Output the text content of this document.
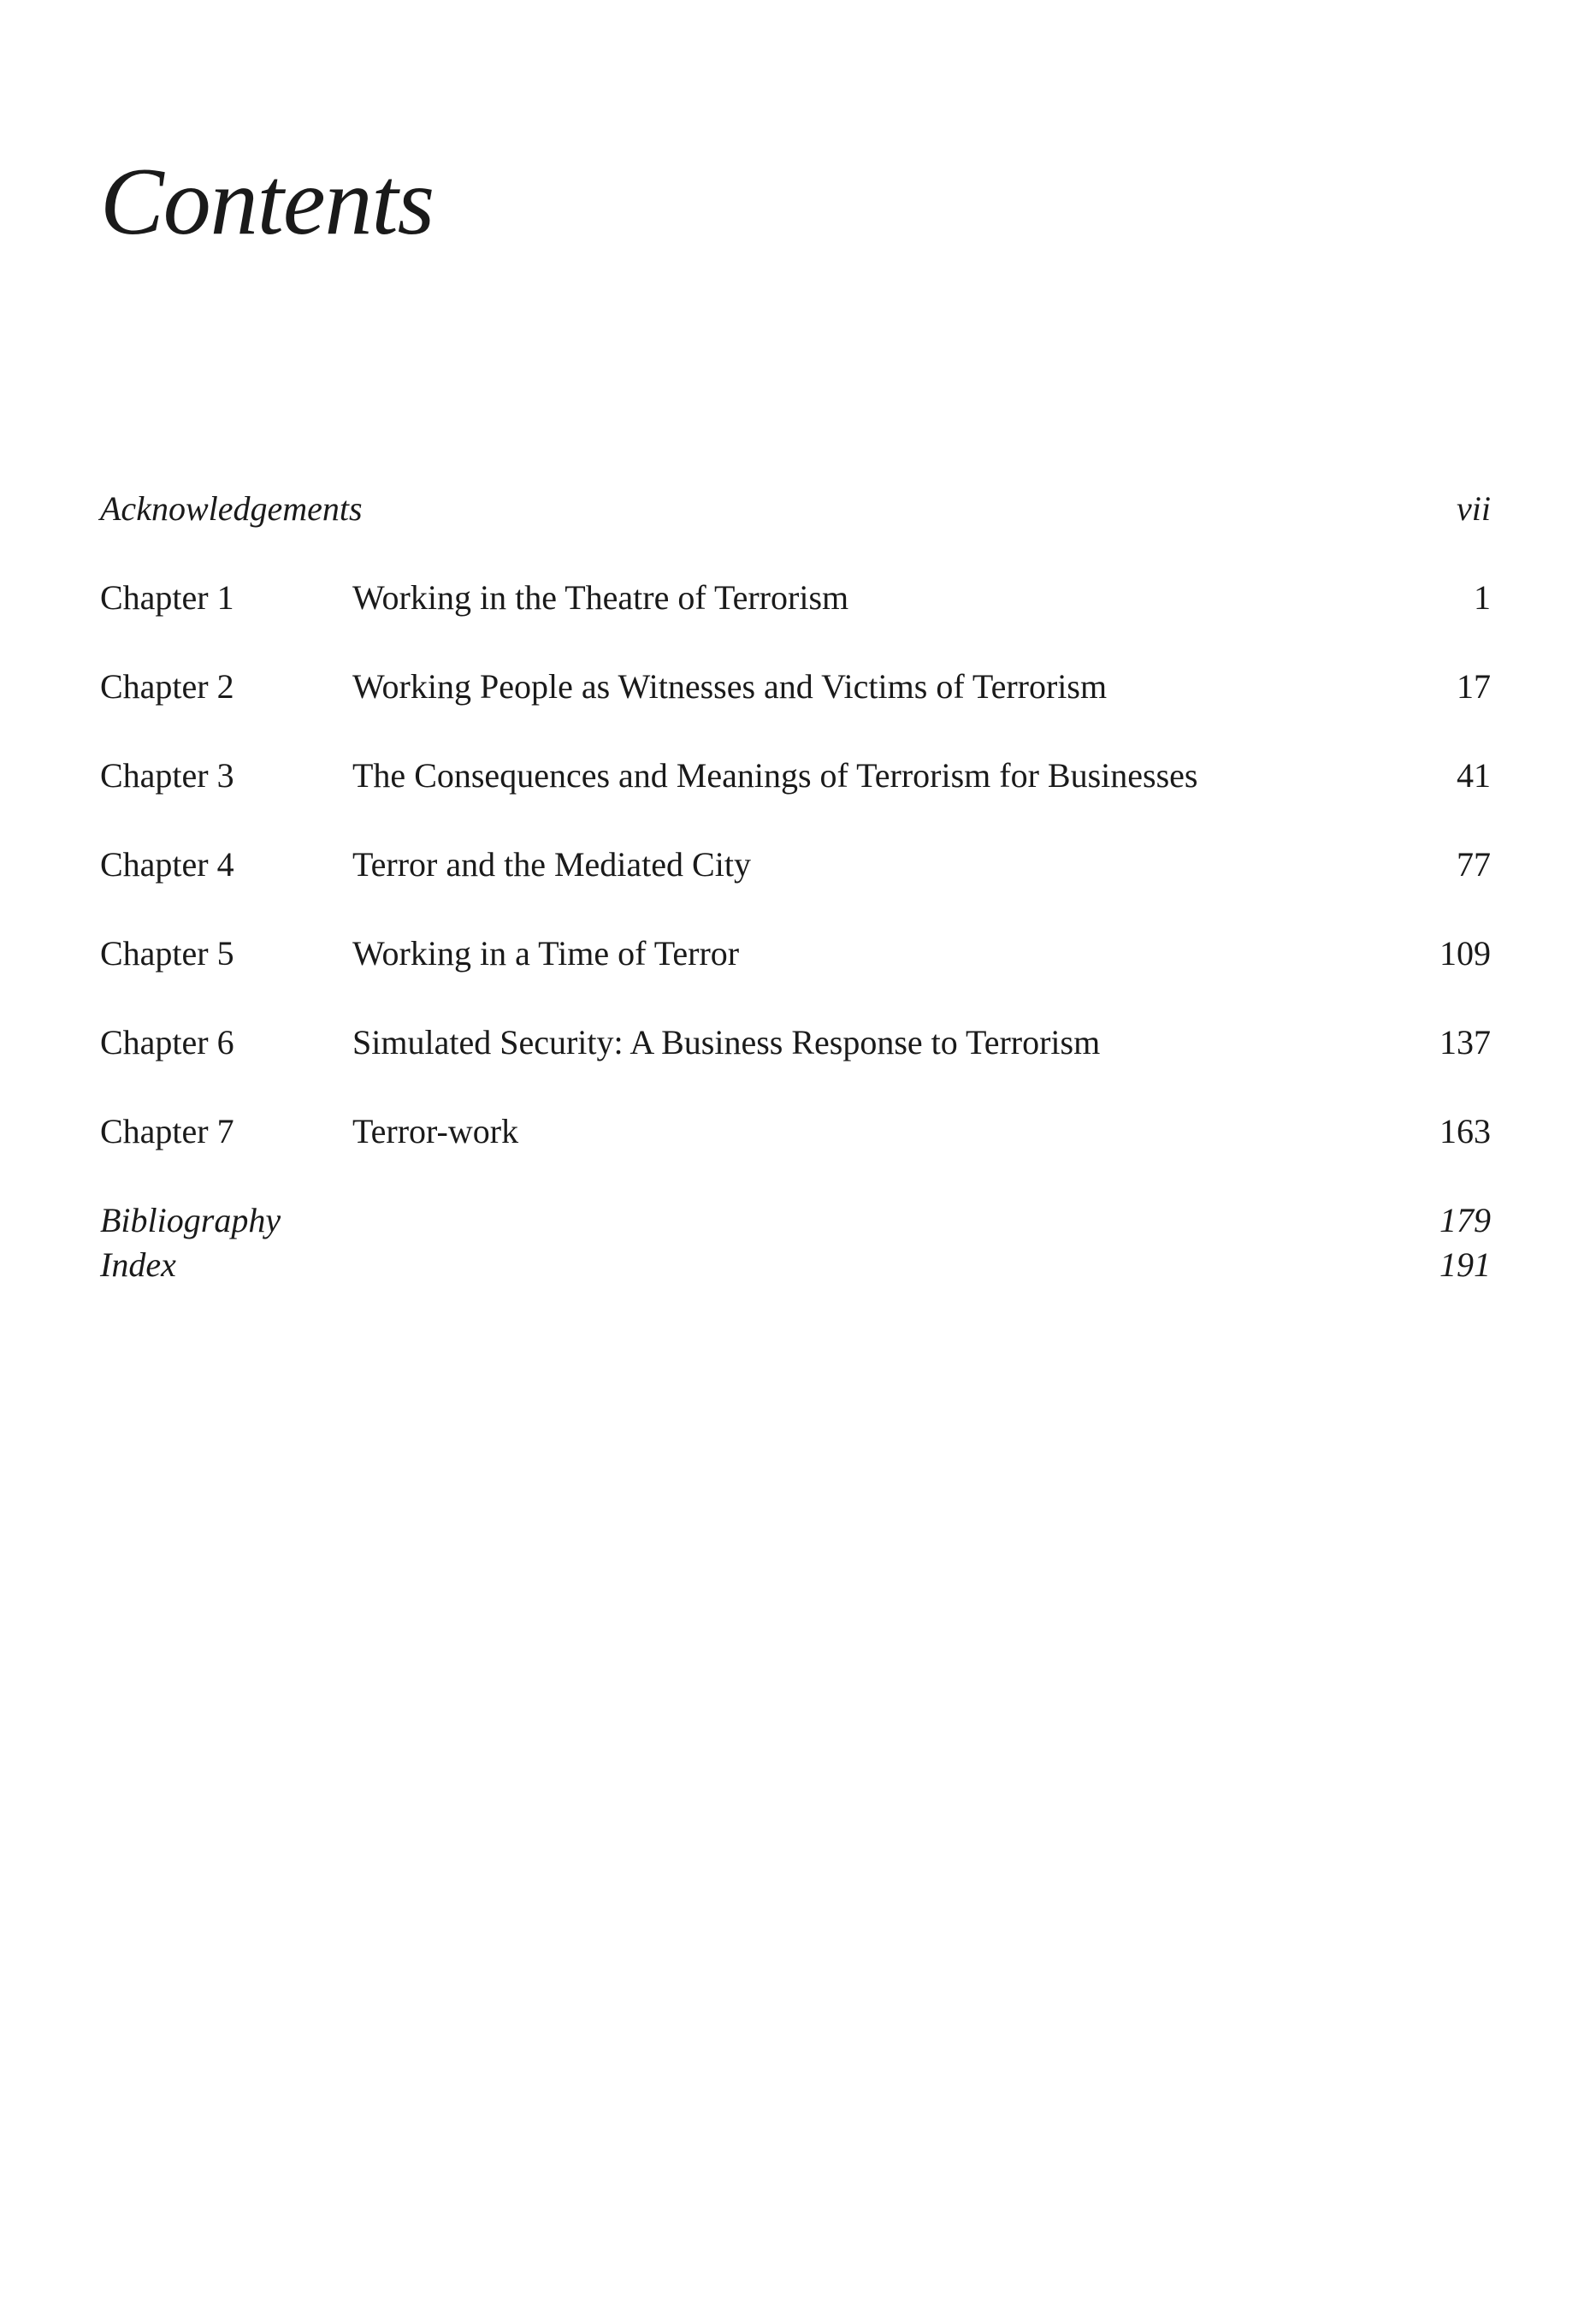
Contents
Acknowledgements	vii
Chapter 1	Working in the Theatre of Terrorism	1
Chapter 2	Working People as Witnesses and Victims of Terrorism	17
Chapter 3	The Consequences and Meanings of Terrorism for Businesses	41
Chapter 4	Terror and the Mediated City	77
Chapter 5	Working in a Time of Terror	109
Chapter 6	Simulated Security: A Business Response to Terrorism	137
Chapter 7	Terror-work	163
Bibliography	179
Index	191
